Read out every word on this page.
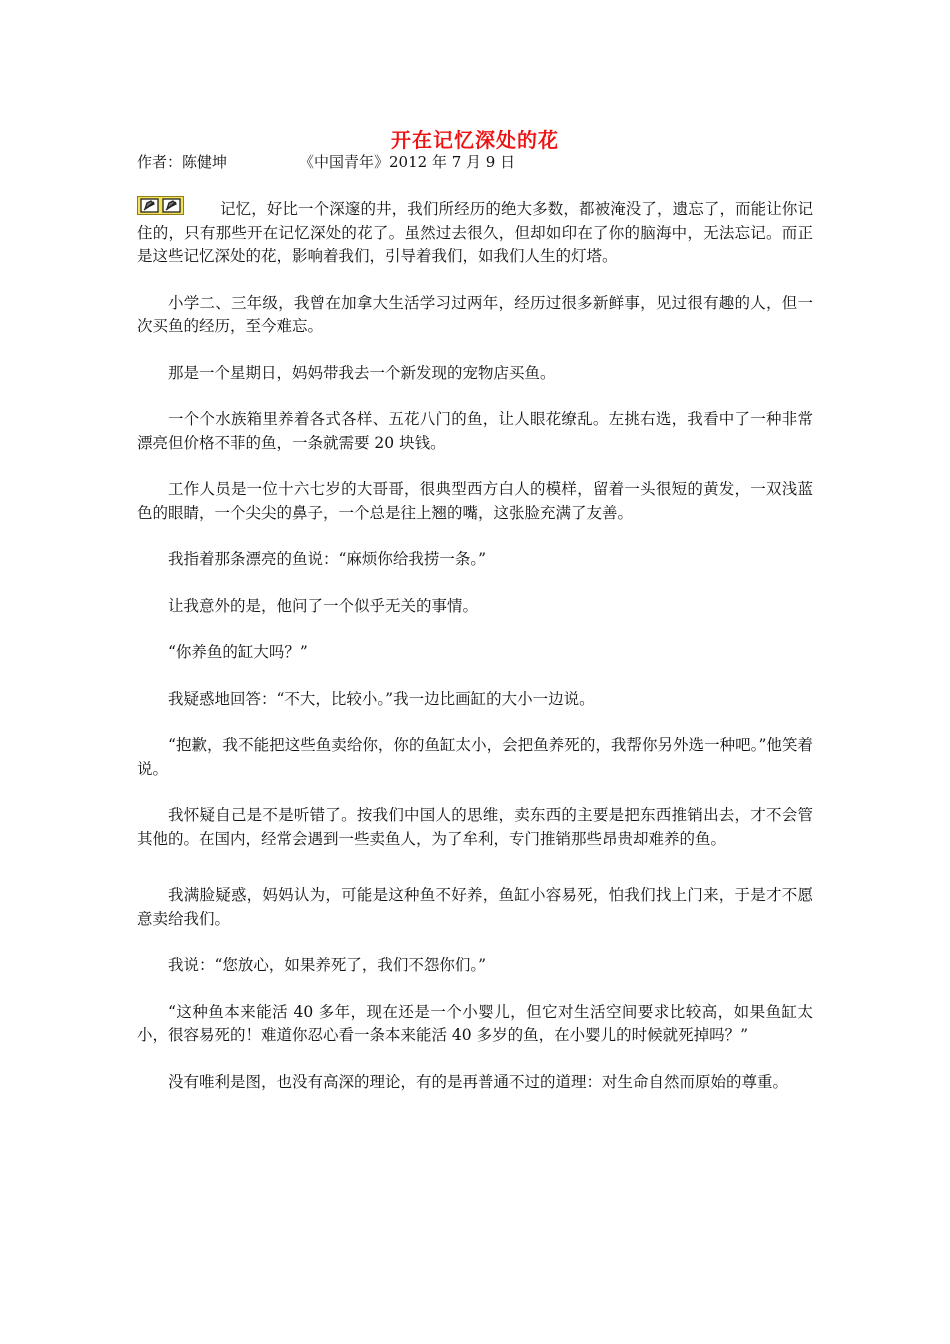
开在记忆深处的花
作者：陈健坤	《中国青年》2012 年 7 月 9 日

记忆，好比一个深邃的井，我们所经历的绝大多数，都被淹没了，遗忘了，而能让你记住的，只有那些开在记忆深处的花了。虽然过去很久，但却如印在了你的脑海中，无法忘记。而正是这些记忆深处的花，影响着我们，引导着我们，如我们人生的灯塔。

小学二、三年级，我曾在加拿大生活学习过两年，经历过很多新鲜事，见过很有趣的人，但一次买鱼的经历，至今难忘。

那是一个星期日，妈妈带我去一个新发现的宠物店买鱼。

一个个水族箱里养着各式各样、五花八门的鱼，让人眼花缭乱。左挑右选，我看中了一种非常漂亮但价格不菲的鱼，一条就需要 20 块钱。

工作人员是一位十六七岁的大哥哥，很典型西方白人的模样，留着一头很短的黄发，一双浅蓝色的眼睛，一个尖尖的鼻子，一个总是往上翘的嘴，这张脸充满了友善。

我指着那条漂亮的鱼说：“麻烦你给我捞一条。”

让我意外的是，他问了一个似乎无关的事情。

“你养鱼的缸大吗？”

我疑惑地回答：“不大，比较小。”我一边比画缸的大小一边说。

“抱歉，我不能把这些鱼卖给你，你的鱼缸太小，会把鱼养死的，我帮你另外选一种吧。”他笑着说。

我怀疑自己是不是听错了。按我们中国人的思维，卖东西的主要是把东西推销出去，才不会管其他的。在国内，经常会遇到一些卖鱼人，为了牟利，专门推销那些昂贵却难养的鱼。

我满脸疑惑，妈妈认为，可能是这种鱼不好养，鱼缸小容易死，怕我们找上门来，于是才不愿意卖给我们。

我说：“您放心，如果养死了，我们不怨你们。”

“这种鱼本来能活 40 多年，现在还是一个小婴儿，但它对生活空间要求比较高，如果鱼缸太小，很容易死的！难道你忍心看一条本来能活 40 多岁的鱼，在小婴儿的时候就死掉吗？”

没有唯利是图，也没有高深的理论，有的是再普通不过的道理：对生命自然而原始的尊重。
